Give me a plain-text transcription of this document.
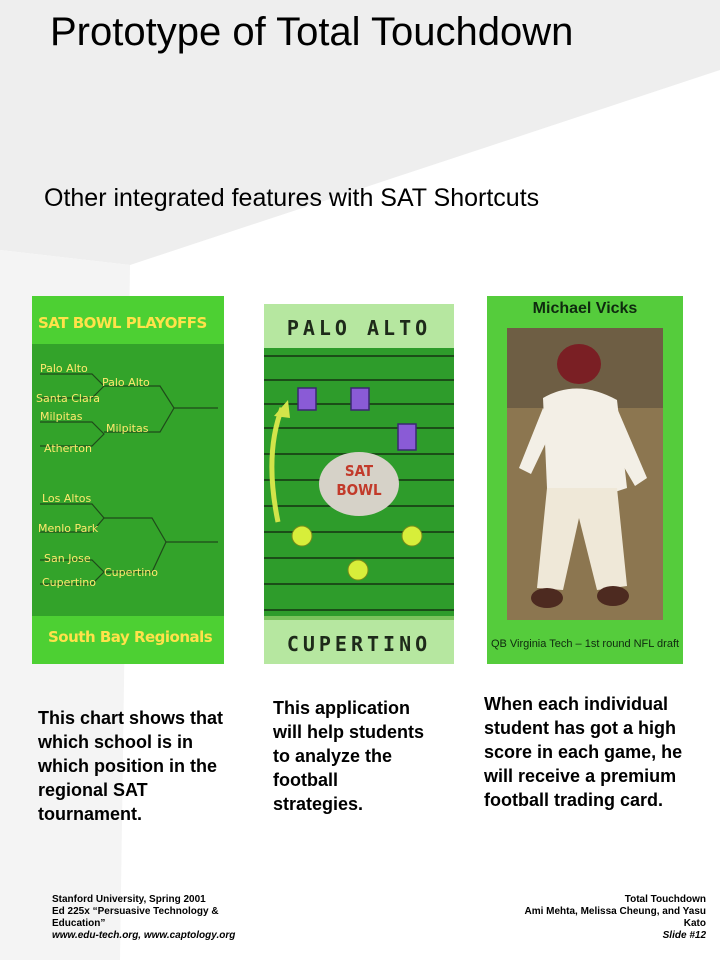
Prototype of Total Touchdown
Other integrated features with SAT Shortcuts
SAT BOWL PLAYOFFS
Palo Alto
Santa Clara
Milpitas
Atherton
Los Altos
Menlo Park
San Jose
Cupertino
Palo Alto
Milpitas
Cupertino
South Bay Regionals
PALO ALTO
SAT
BOWL
CUPERTINO
Michael Vicks
QB Virginia Tech – 1st round NFL draft
This chart shows that which school is in which position in the regional SAT tournament.
This application will help students to analyze the football strategies.
When each individual student has got a high score in each game, he will receive a premium football trading card.
Stanford University, Spring 2001
Ed 225x “Persuasive Technology & Education”
www.edu-tech.org, www.captology.org
Total Touchdown
Ami Mehta, Melissa Cheung, and Yasu Kato
Slide #12
